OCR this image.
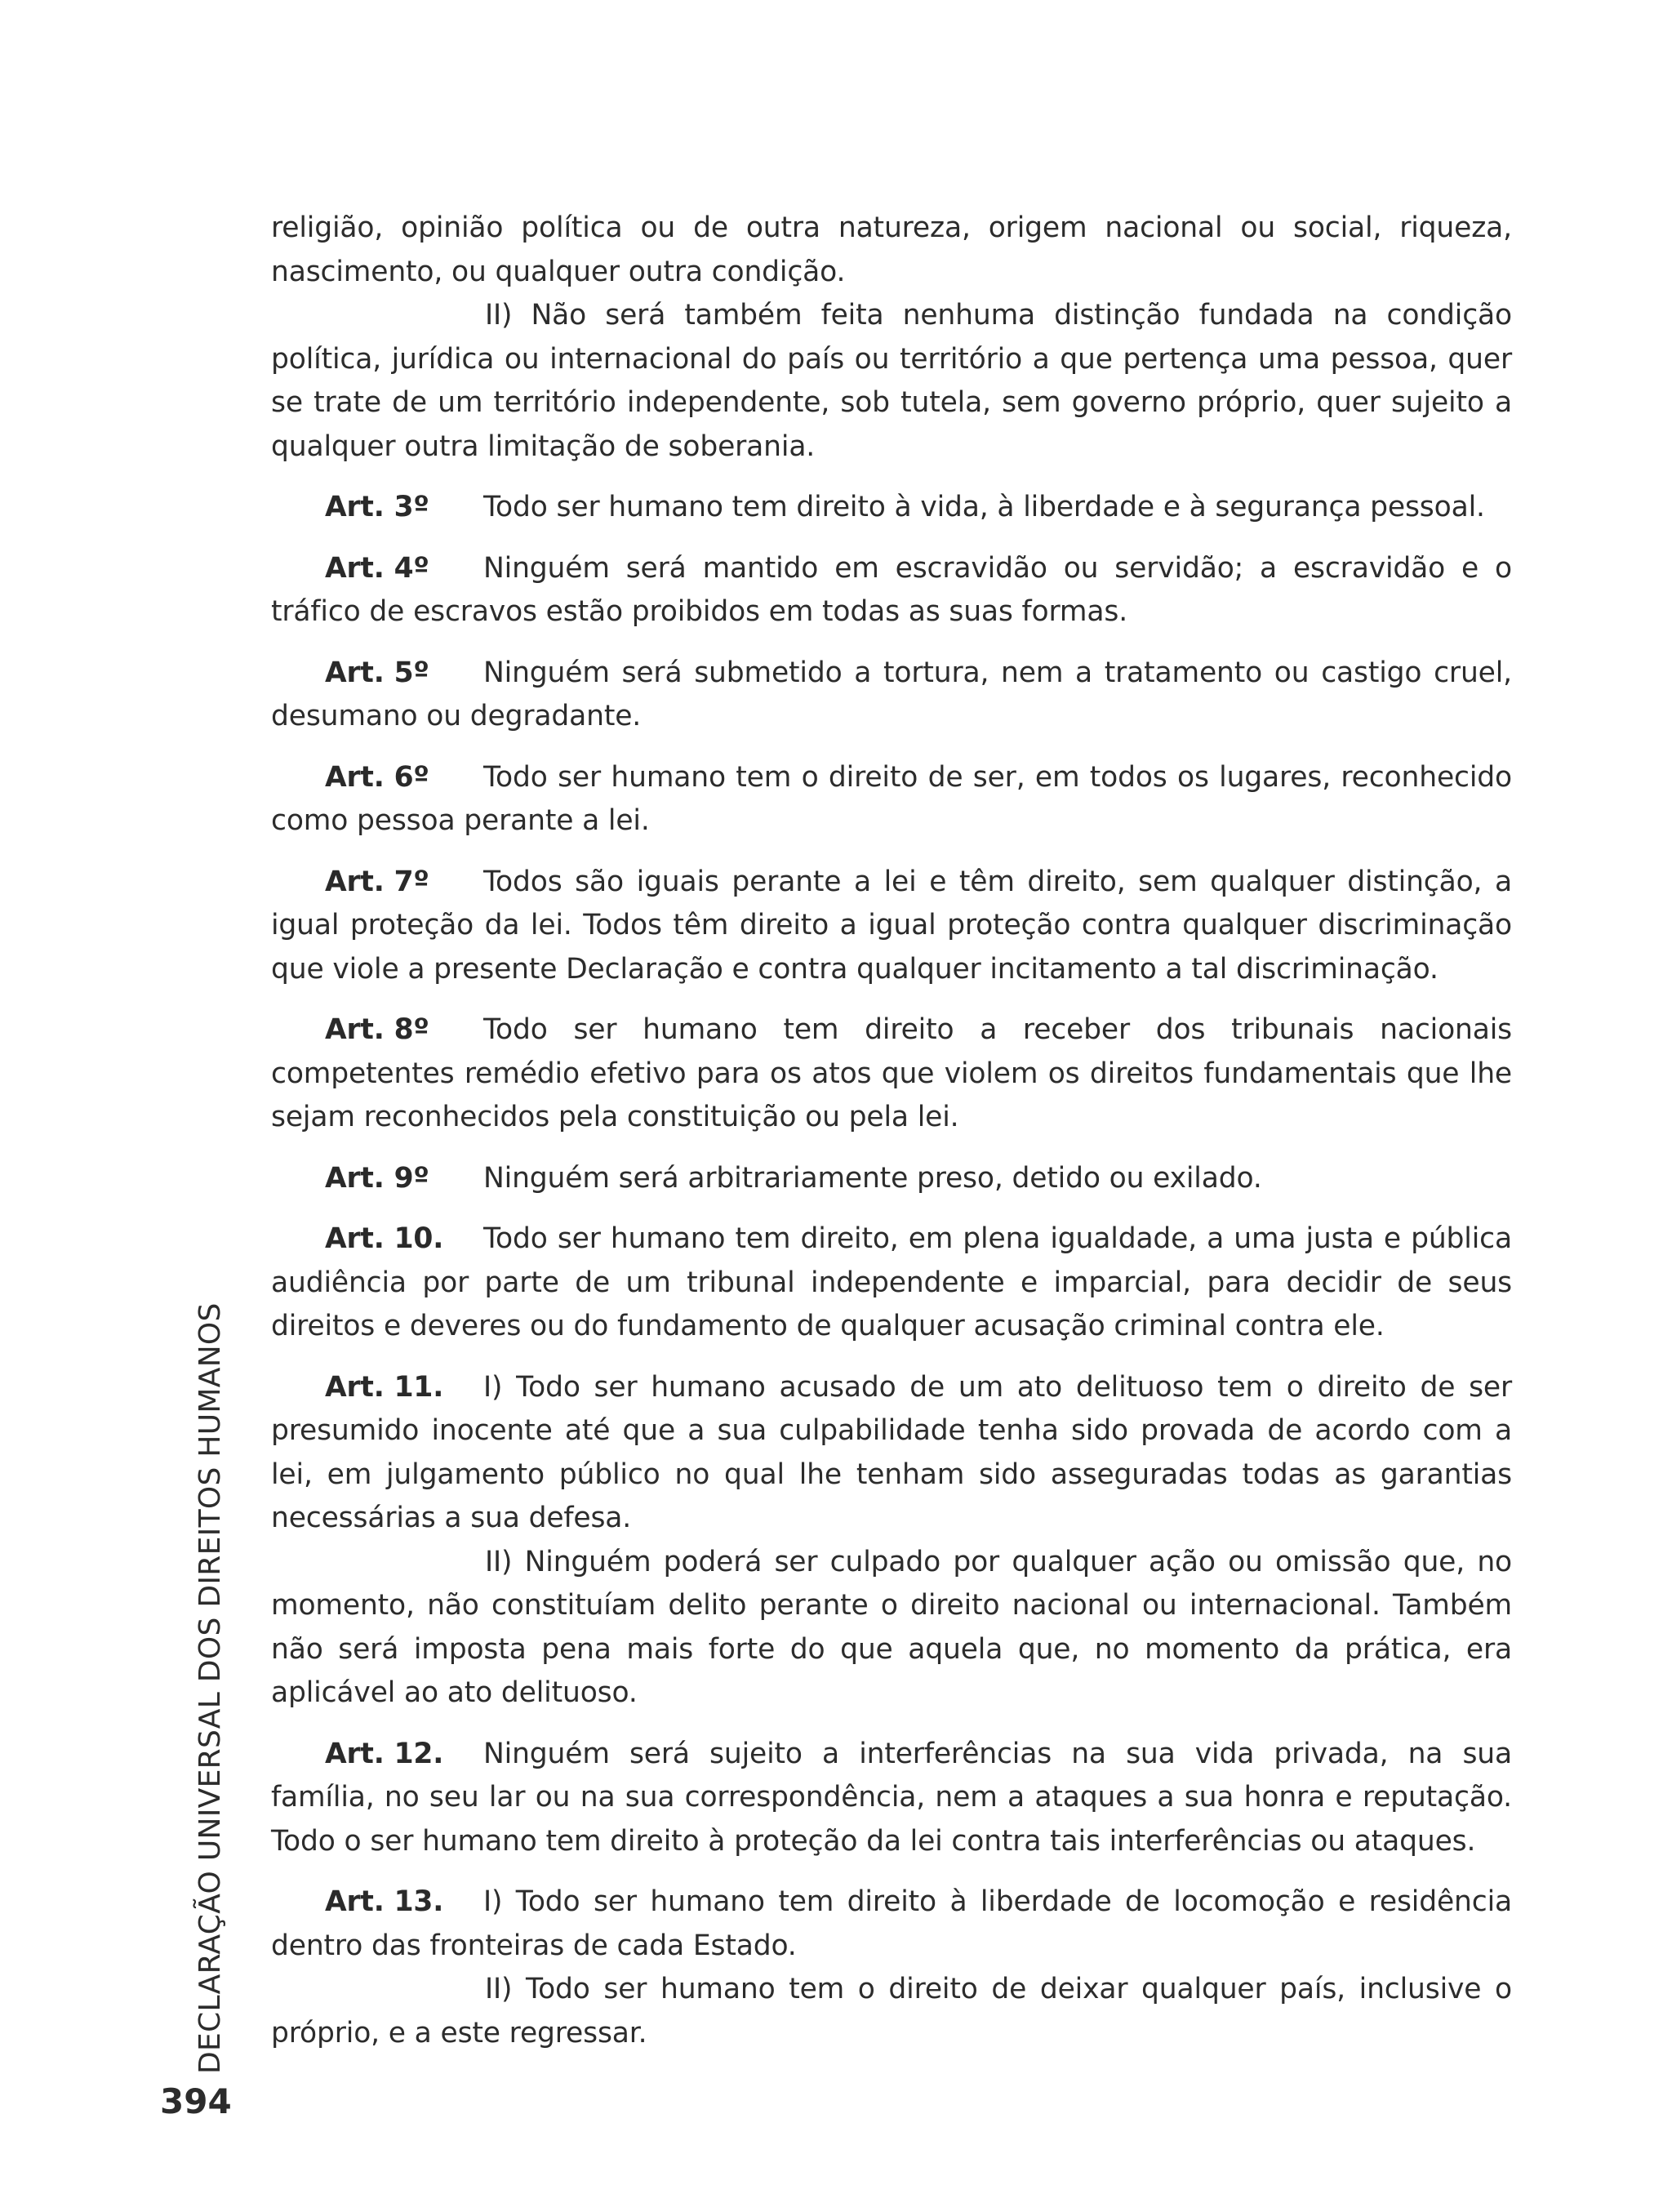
religião, opinião política ou de outra natureza, origem nacional ou social, riqueza, nascimento, ou qualquer outra condição.

II) Não será também feita nenhuma distinção fundada na condição política, jurídica ou internacional do país ou território a que pertença uma pessoa, quer se trate de um território independente, sob tutela, sem governo próprio, quer sujeito a qualquer outra limitação de soberania.

Art. 3º Todo ser humano tem direito à vida, à liberdade e à segurança pessoal.

Art. 4º Ninguém será mantido em escravidão ou servidão; a escravidão e o tráfico de escravos estão proibidos em todas as suas formas.

Art. 5º Ninguém será submetido a tortura, nem a tratamento ou castigo cruel, desumano ou degradante.

Art. 6º Todo ser humano tem o direito de ser, em todos os lugares, reconhecido como pessoa perante a lei.

Art. 7º Todos são iguais perante a lei e têm direito, sem qualquer distinção, a igual proteção da lei. Todos têm direito a igual proteção contra qualquer discriminação que viole a presente Declaração e contra qualquer incitamento a tal discriminação.

Art. 8º Todo ser humano tem direito a receber dos tribunais nacionais competentes remédio efetivo para os atos que violem os direitos fundamentais que lhe sejam reconhecidos pela constituição ou pela lei.

Art. 9º Ninguém será arbitrariamente preso, detido ou exilado.

Art. 10. Todo ser humano tem direito, em plena igualdade, a uma justa e pública audiência por parte de um tribunal independente e imparcial, para decidir de seus direitos e deveres ou do fundamento de qualquer acusação criminal contra ele.

Art. 11. I) Todo ser humano acusado de um ato delituoso tem o direito de ser presumido inocente até que a sua culpabilidade tenha sido provada de acordo com a lei, em julgamento público no qual lhe tenham sido asseguradas todas as garantias necessárias a sua defesa.

II) Ninguém poderá ser culpado por qualquer ação ou omissão que, no momento, não constituíam delito perante o direito nacional ou internacional. Também não será imposta pena mais forte do que aquela que, no momento da prática, era aplicável ao ato delituoso.

Art. 12. Ninguém será sujeito a interferências na sua vida privada, na sua família, no seu lar ou na sua correspondência, nem a ataques a sua honra e reputação. Todo o ser humano tem direito à proteção da lei contra tais interferências ou ataques.

Art. 13. I) Todo ser humano tem direito à liberdade de locomoção e residência dentro das fronteiras de cada Estado.

II) Todo ser humano tem o direito de deixar qualquer país, inclusive o próprio, e a este regressar.

DECLARAÇÃO UNIVERSAL DOS DIREITOS HUMANOS
394
